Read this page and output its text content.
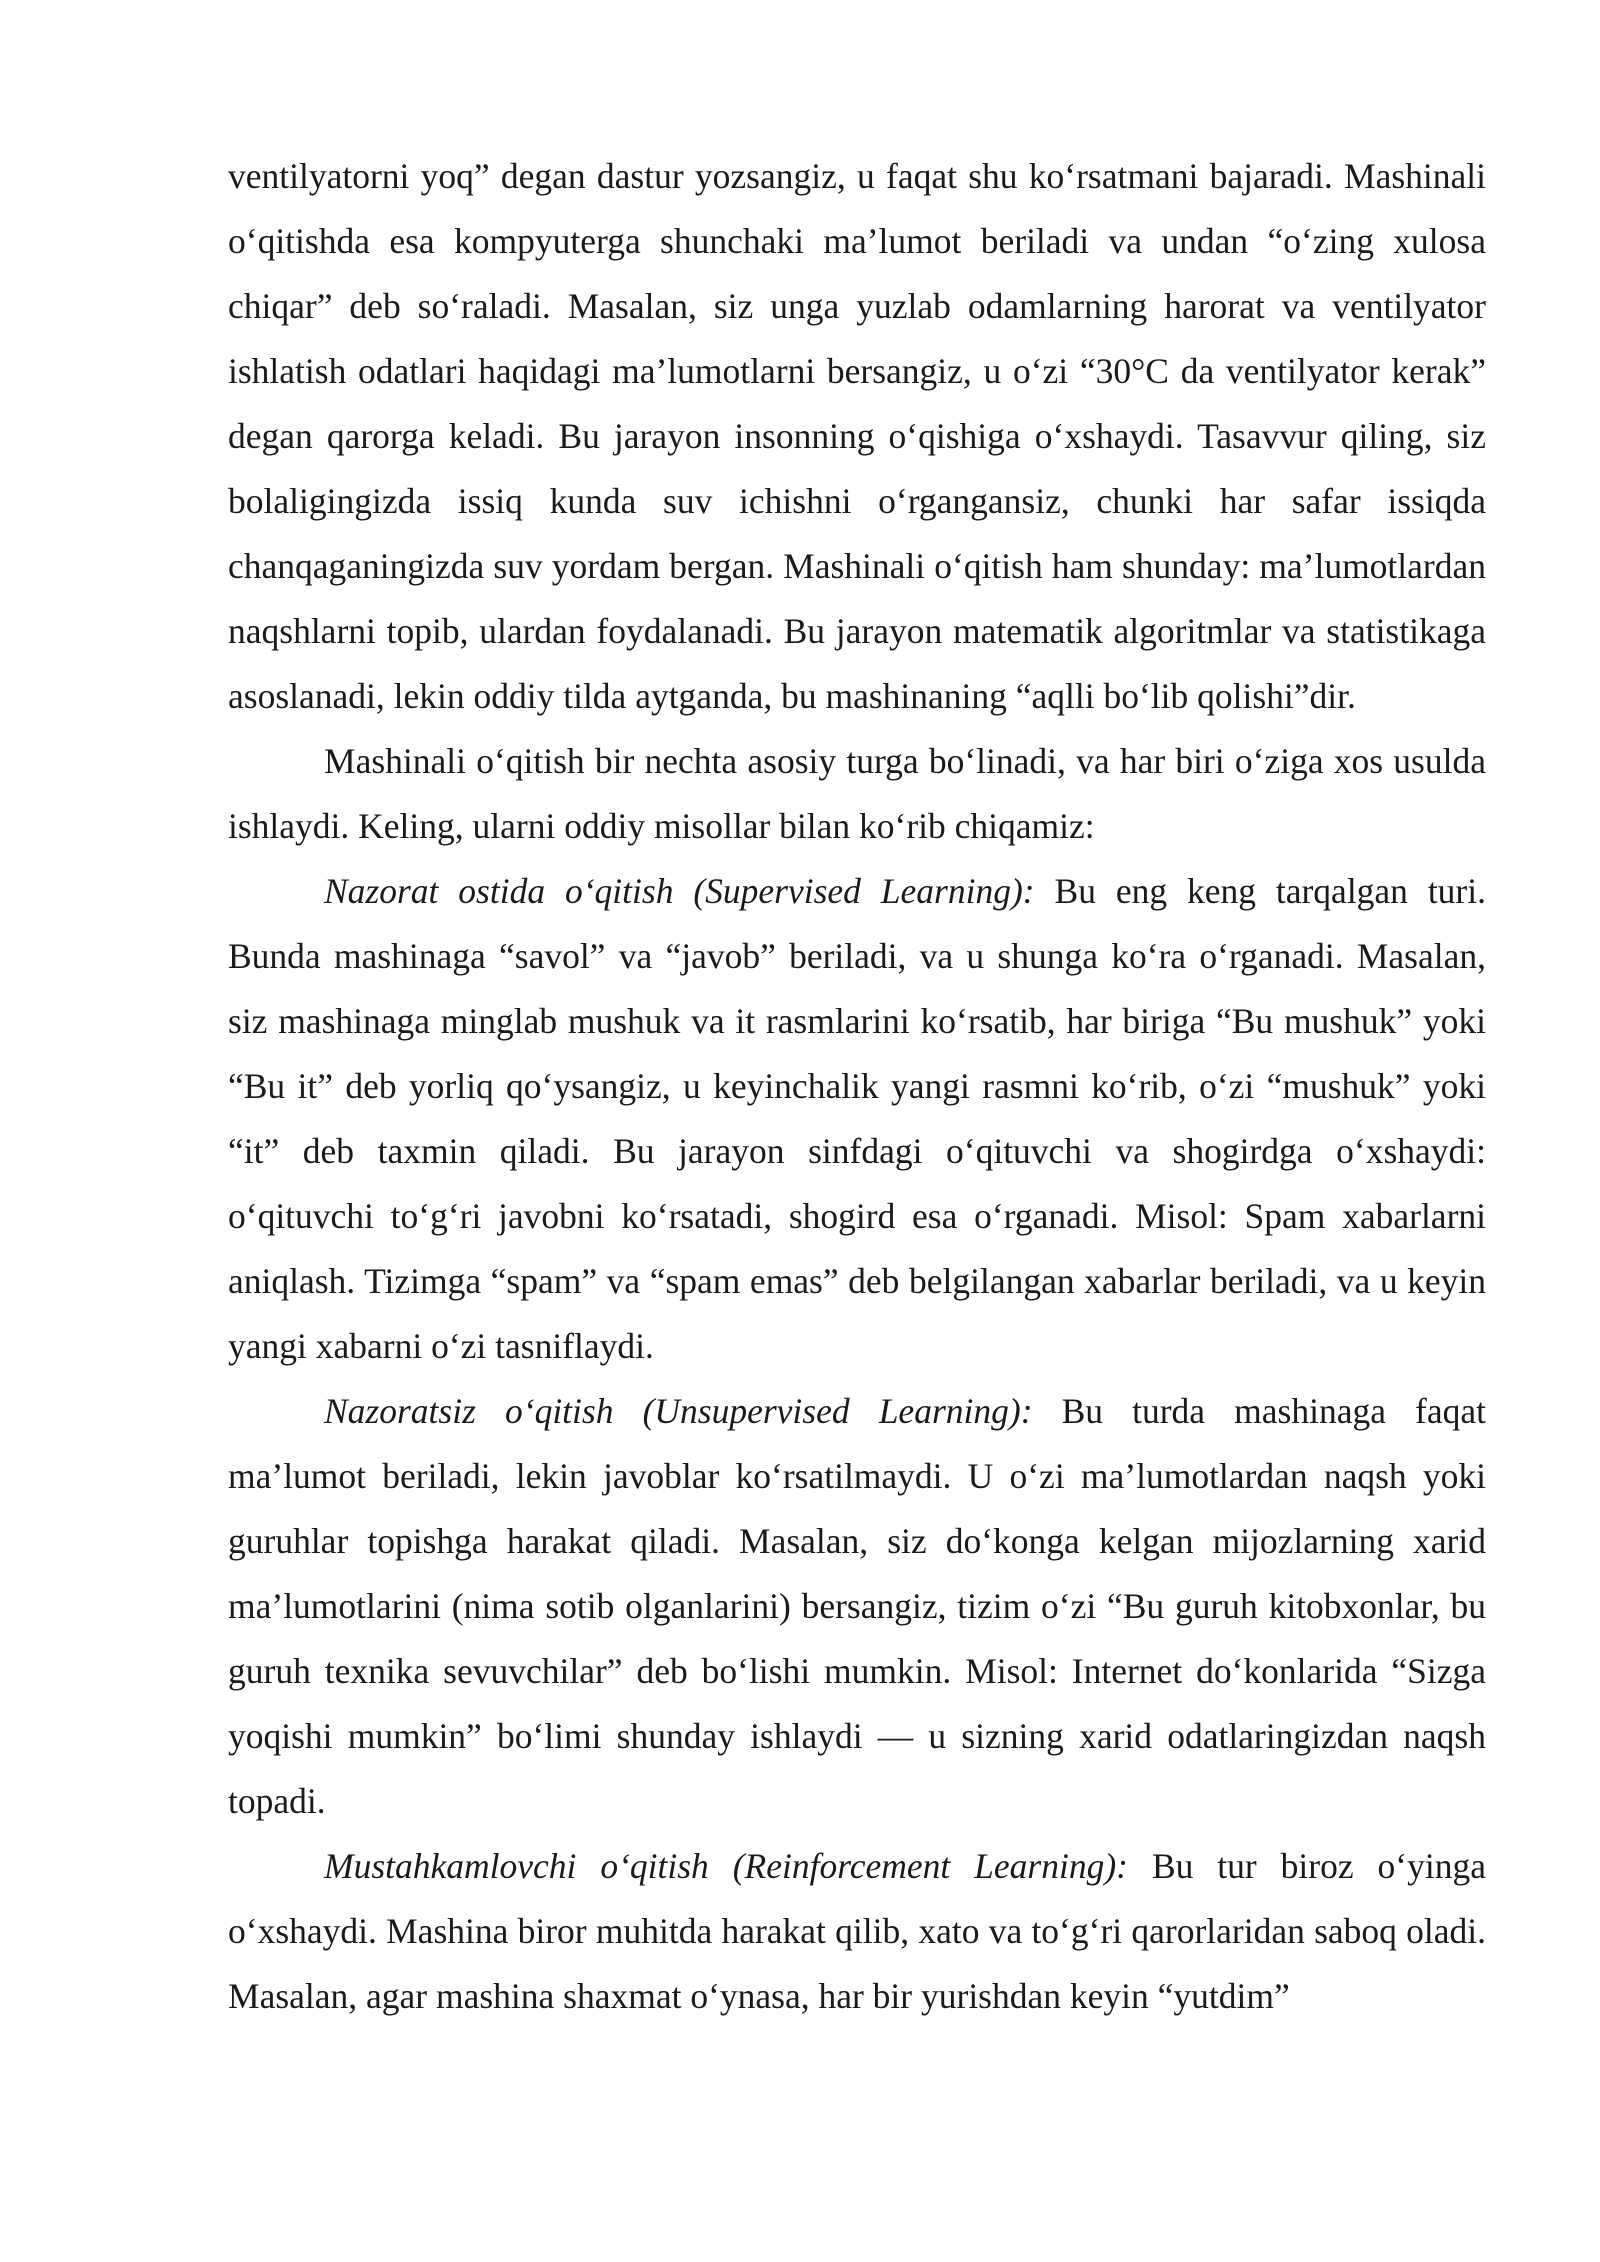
ventilyatorni yoq” degan dastur yozsangiz, u faqat shu ko‘rsatmani bajaradi. Mashinali o‘qitishda esa kompyuterga shunchaki ma’lumot beriladi va undan “o‘zing xulosa chiqar” deb so‘raladi. Masalan, siz unga yuzlab odamlarning harorat va ventilyator ishlatish odatlari haqidagi ma’lumotlarni bersangiz, u o‘zi “30°C da ventilyator kerak” degan qarorga keladi. Bu jarayon insonning o‘qishiga o‘xshaydi. Tasavvur qiling, siz bolaligingizda issiq kunda suv ichishni o‘rgangansiz, chunki har safar issiqda chanqaganingizda suv yordam bergan. Mashinali o‘qitish ham shunday: ma’lumotlardan naqshlarni topib, ulardan foydalanadi. Bu jarayon matematik algoritmlar va statistikaga asoslanadi, lekin oddiy tilda aytganda, bu mashinaning “aqlli bo‘lib qolishi”dir.

Mashinali o‘qitish bir nechta asosiy turga bo‘linadi, va har biri o‘ziga xos usulda ishlaydi. Keling, ularni oddiy misollar bilan ko‘rib chiqamiz:

Nazorat ostida o‘qitish (Supervised Learning): Bu eng keng tarqalgan turi. Bunda mashinaga “savol” va “javob” beriladi, va u shunga ko‘ra o‘rganadi. Masalan, siz mashinaga minglab mushuk va it rasmlarini ko‘rsatib, har biriga “Bu mushuk” yoki “Bu it” deb yorliq qo‘ysangiz, u keyinchalik yangi rasmni ko‘rib, o‘zi “mushuk” yoki “it” deb taxmin qiladi. Bu jarayon sinfdagi o‘qituvchi va shogirdga o‘xshaydi: o‘qituvchi to‘g‘ri javobni ko‘rsatadi, shogird esa o‘rganadi. Misol: Spam xabarlarni aniqlash. Tizimga “spam” va “spam emas” deb belgilangan xabarlar beriladi, va u keyin yangi xabarni o‘zi tasniflaydi.

Nazoratsiz o‘qitish (Unsupervised Learning): Bu turda mashinaga faqat ma’lumot beriladi, lekin javoblar ko‘rsatilmaydi. U o‘zi ma’lumotlardan naqsh yoki guruhlar topishga harakat qiladi. Masalan, siz do‘konga kelgan mijozlarning xarid ma’lumotlarini (nima sotib olganlarini) bersangiz, tizim o‘zi “Bu guruh kitobxonlar, bu guruh texnika sevuvchilar” deb bo‘lishi mumkin. Misol: Internet do‘konlarida “Sizga yoqishi mumkin” bo‘limi shunday ishlaydi — u sizning xarid odatlaringizdan naqsh topadi.

Mustahkamlovchi o‘qitish (Reinforcement Learning): Bu tur biroz o‘yinga o‘xshaydi. Mashina biror muhitda harakat qilib, xato va to‘g‘ri qarorlaridan saboq oladi. Masalan, agar mashina shaxmat o‘ynasa, har bir yurishdan keyin “yutdim”
